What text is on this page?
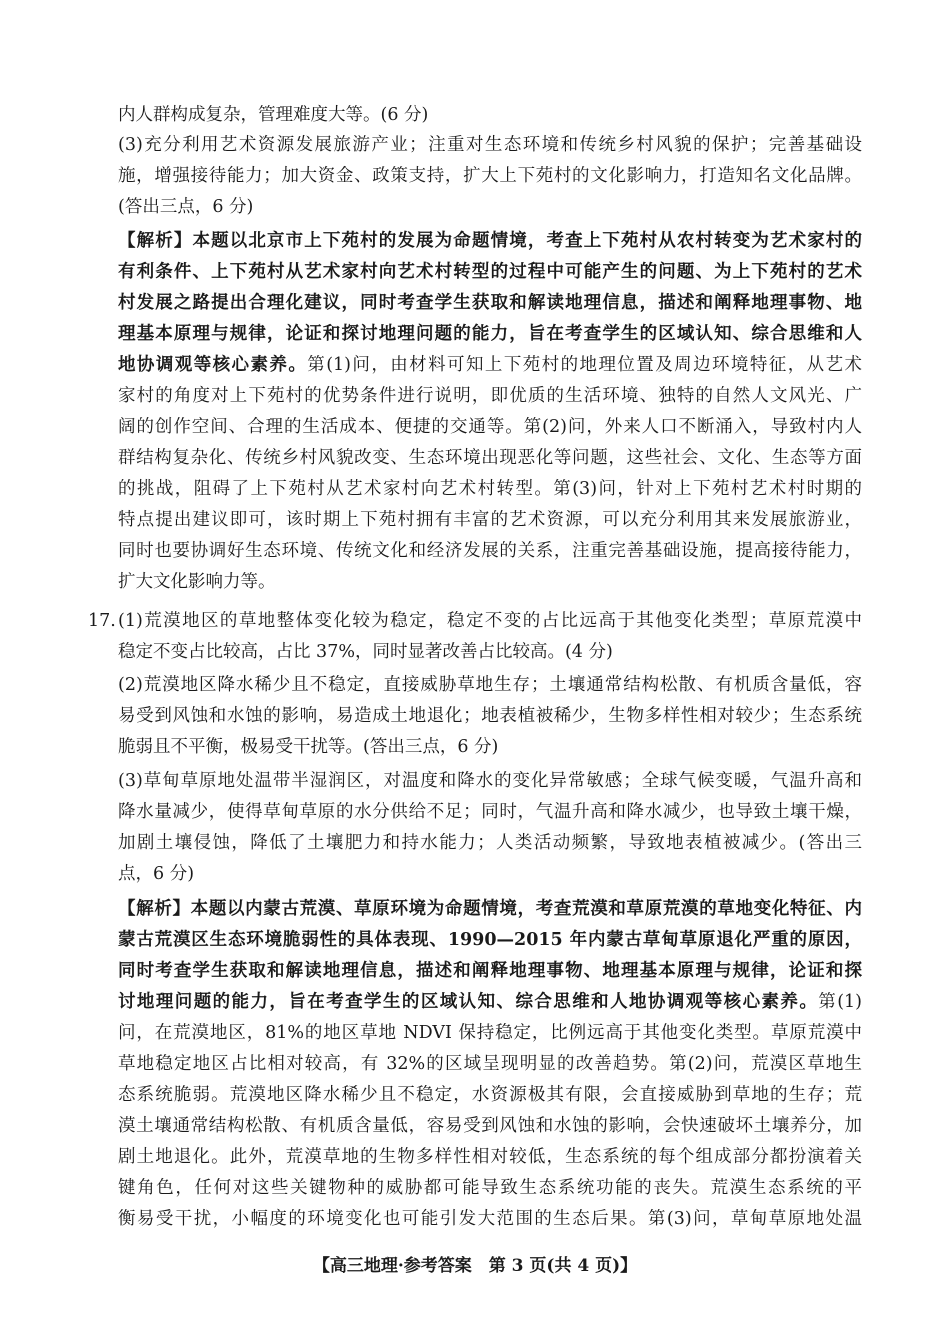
内人群构成复杂，管理难度大等。(6 分)
(3)充分利用艺术资源发展旅游产业；注重对生态环境和传统乡村风貌的保护；完善基础设
施，增强接待能力；加大资金、政策支持，扩大上下苑村的文化影响力，打造知名文化品牌。
(答出三点，6 分)
【解析】本题以北京市上下苑村的发展为命题情境，考查上下苑村从农村转变为艺术家村的
有利条件、上下苑村从艺术家村向艺术村转型的过程中可能产生的问题、为上下苑村的艺术
村发展之路提出合理化建议，同时考查学生获取和解读地理信息，描述和阐释地理事物、地
理基本原理与规律，论证和探讨地理问题的能力，旨在考查学生的区域认知、综合思维和人
地协调观等核心素养。第(1)问，由材料可知上下苑村的地理位置及周边环境特征，从艺术
家村的角度对上下苑村的优势条件进行说明，即优质的生活环境、独特的自然人文风光、广
阔的创作空间、合理的生活成本、便捷的交通等。第(2)问，外来人口不断涌入，导致村内人
群结构复杂化、传统乡村风貌改变、生态环境出现恶化等问题，这些社会、文化、生态等方面
的挑战，阻碍了上下苑村从艺术家村向艺术村转型。第(3)问，针对上下苑村艺术村时期的
特点提出建议即可，该时期上下苑村拥有丰富的艺术资源，可以充分利用其来发展旅游业，
同时也要协调好生态环境、传统文化和经济发展的关系，注重完善基础设施，提高接待能力，
扩大文化影响力等。
17. (1)荒漠地区的草地整体变化较为稳定，稳定不变的占比远高于其他变化类型；草原荒漠中
稳定不变占比较高，占比 37%，同时显著改善占比较高。(4 分)
(2)荒漠地区降水稀少且不稳定，直接威胁草地生存；土壤通常结构松散、有机质含量低，容
易受到风蚀和水蚀的影响，易造成土地退化；地表植被稀少，生物多样性相对较少；生态系统
脆弱且不平衡，极易受干扰等。(答出三点，6 分)
(3)草甸草原地处温带半湿润区，对温度和降水的变化异常敏感；全球气候变暖，气温升高和
降水量减少，使得草甸草原的水分供给不足；同时，气温升高和降水减少，也导致土壤干燥，
加剧土壤侵蚀，降低了土壤肥力和持水能力；人类活动频繁，导致地表植被减少。(答出三
点，6 分)
【解析】本题以内蒙古荒漠、草原环境为命题情境，考查荒漠和草原荒漠的草地变化特征、内
蒙古荒漠区生态环境脆弱性的具体表现、1990—2015 年内蒙古草甸草原退化严重的原因，
同时考查学生获取和解读地理信息，描述和阐释地理事物、地理基本原理与规律，论证和探
讨地理问题的能力，旨在考查学生的区域认知、综合思维和人地协调观等核心素养。第(1)
问，在荒漠地区，81%的地区草地 NDVI 保持稳定，比例远高于其他变化类型。草原荒漠中
草地稳定地区占比相对较高，有 32%的区域呈现明显的改善趋势。第(2)问，荒漠区草地生
态系统脆弱。荒漠地区降水稀少且不稳定，水资源极其有限，会直接威胁到草地的生存；荒
漠土壤通常结构松散、有机质含量低，容易受到风蚀和水蚀的影响，会快速破坏土壤养分，加
剧土地退化。此外，荒漠草地的生物多样性相对较低，生态系统的每个组成部分都扮演着关
键角色，任何对这些关键物种的威胁都可能导致生态系统功能的丧失。荒漠生态系统的平
衡易受干扰，小幅度的环境变化也可能引发大范围的生态后果。第(3)问，草甸草原地处温
【高三地理·参考答案　第 3 页(共 4 页)】
